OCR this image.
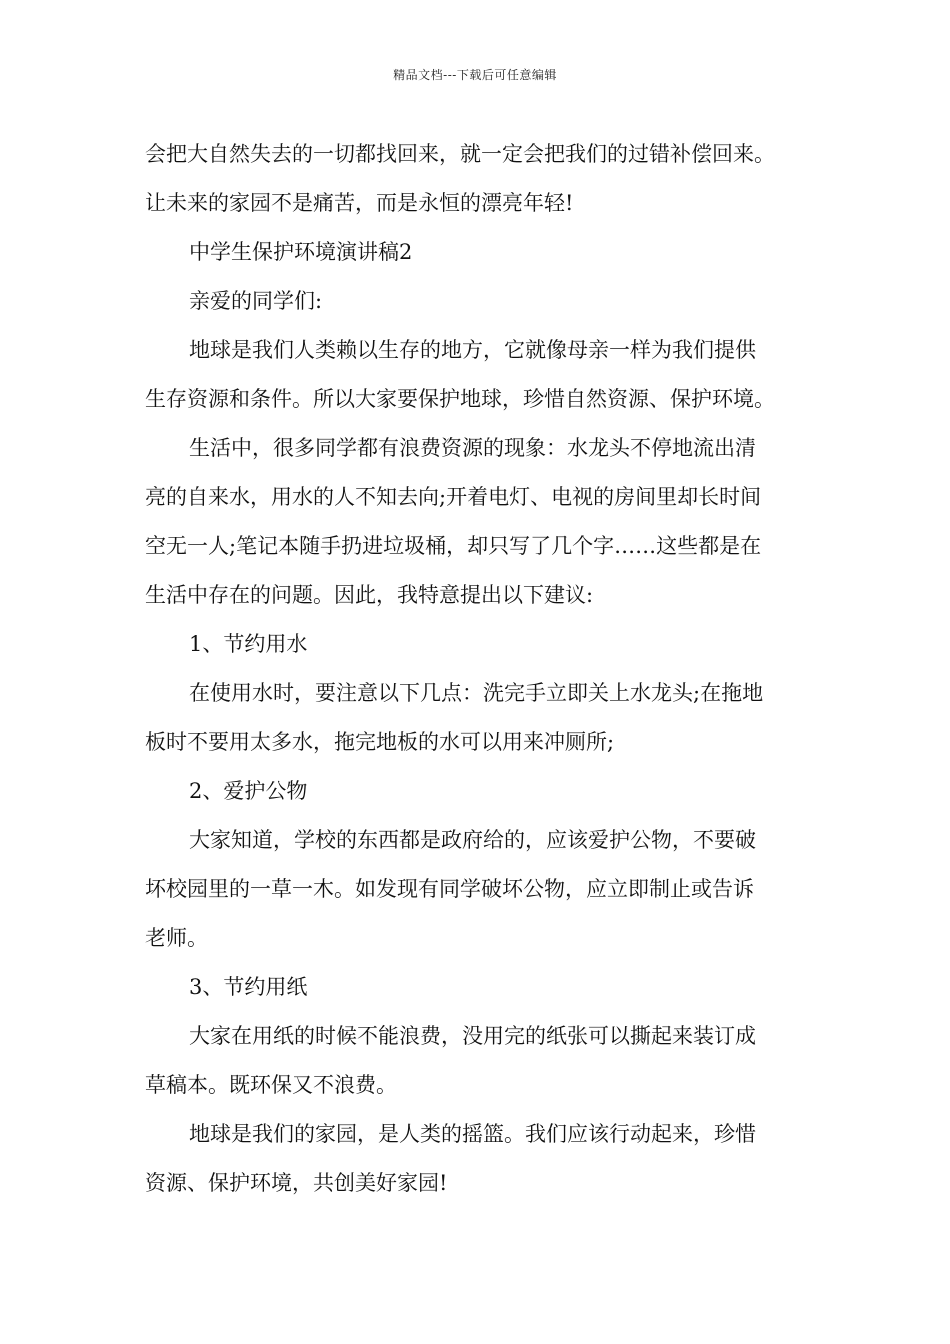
精品文档---下载后可任意编辑
会把大自然失去的一切都找回来，就一定会把我们的过错补偿回来。
让未来的家园不是痛苦，而是永恒的漂亮年轻!
中学生保护环境演讲稿2
亲爱的同学们:
地球是我们人类赖以生存的地方，它就像母亲一样为我们提供
生存资源和条件。所以大家要保护地球，珍惜自然资源、保护环境。
生活中，很多同学都有浪费资源的现象：水龙头不停地流出清
亮的自来水，用水的人不知去向;开着电灯、电视的房间里却长时间
空无一人;笔记本随手扔进垃圾桶，却只写了几个字……这些都是在
生活中存在的问题。因此，我特意提出以下建议:
1、节约用水
在使用水时，要注意以下几点：洗完手立即关上水龙头;在拖地
板时不要用太多水，拖完地板的水可以用来冲厕所;
2、爱护公物
大家知道，学校的东西都是政府给的，应该爱护公物，不要破
坏校园里的一草一木。如发现有同学破坏公物，应立即制止或告诉
老师。
3、节约用纸
大家在用纸的时候不能浪费，没用完的纸张可以撕起来装订成
草稿本。既环保又不浪费。
地球是我们的家园，是人类的摇篮。我们应该行动起来，珍惜
资源、保护环境，共创美好家园!
